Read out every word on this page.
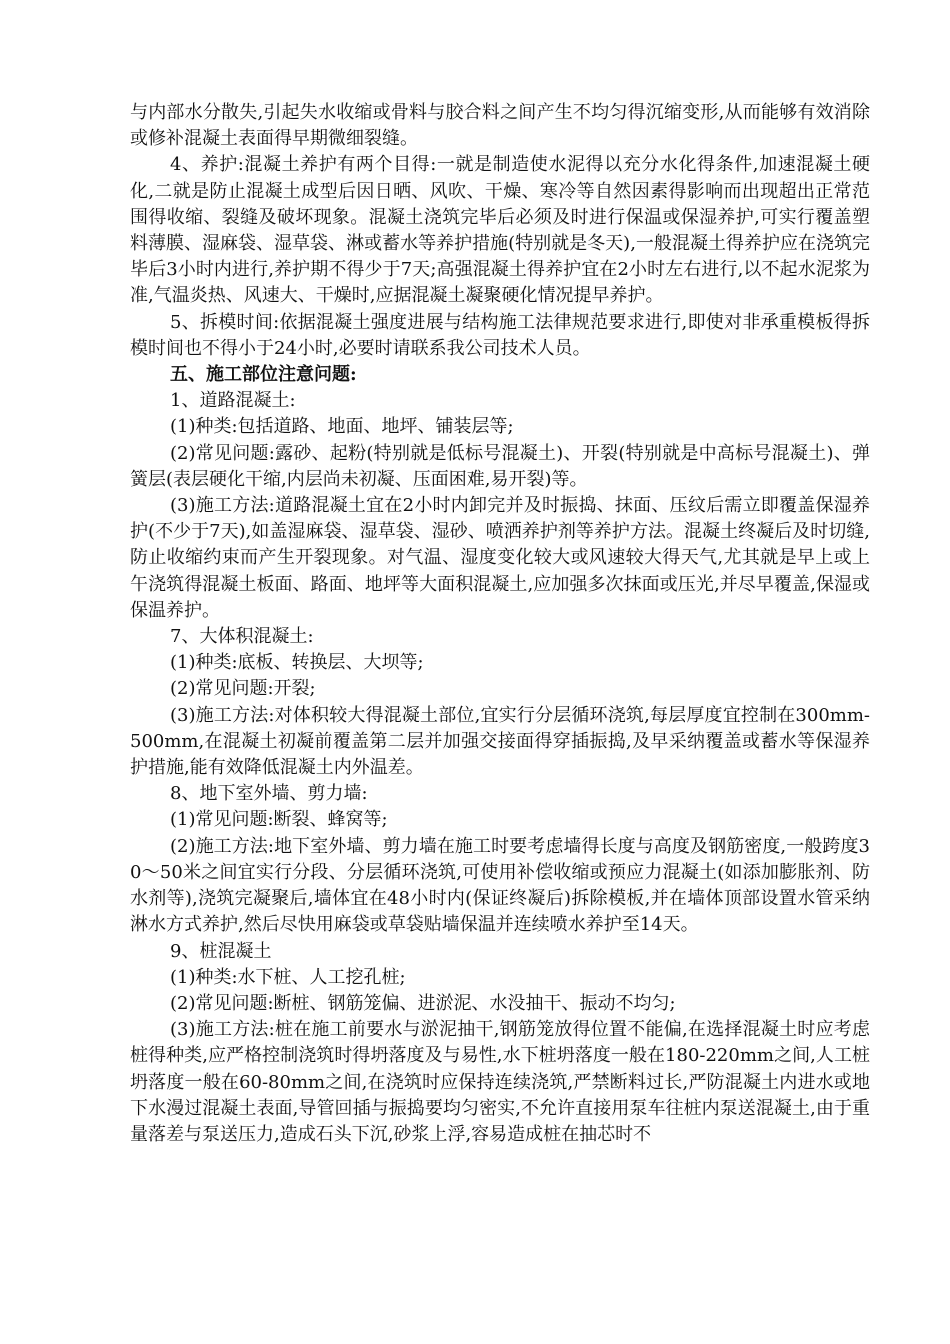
与内部水分散失,引起失水收缩或骨料与胶合料之间产生不均匀得沉缩变形,从而能够有效消除或修补混凝土表面得早期微细裂缝。

4、养护:混凝土养护有两个目得:一就是制造使水泥得以充分水化得条件,加速混凝土硬化,二就是防止混凝土成型后因日晒、风吹、干燥、寒冷等自然因素得影响而出现超出正常范围得收缩、裂缝及破坏现象。混凝土浇筑完毕后必须及时进行保温或保湿养护,可实行覆盖塑料薄膜、湿麻袋、湿草袋、淋或蓄水等养护措施(特别就是冬天),一般混凝土得养护应在浇筑完毕后3小时内进行,养护期不得少于7天;高强混凝土得养护宜在2小时左右进行,以不起水泥浆为准,气温炎热、风速大、干燥时,应据混凝土凝聚硬化情况提早养护。

5、拆模时间:依据混凝土强度进展与结构施工法律规范要求进行,即使对非承重模板得拆模时间也不得小于24小时,必要时请联系我公司技术人员。

五、施工部位注意问题:

1、道路混凝土:

(1)种类:包括道路、地面、地坪、铺装层等;

(2)常见问题:露砂、起粉(特别就是低标号混凝土)、开裂(特别就是中高标号混凝土)、弹簧层(表层硬化干缩,内层尚未初凝、压面困难,易开裂)等。

(3)施工方法:道路混凝土宜在2小时内卸完并及时振捣、抹面、压纹后需立即覆盖保湿养护(不少于7天),如盖湿麻袋、湿草袋、湿砂、喷洒养护剂等养护方法。混凝土终凝后及时切缝,防止收缩约束而产生开裂现象。对气温、湿度变化较大或风速较大得天气,尤其就是早上或上午浇筑得混凝土板面、路面、地坪等大面积混凝土,应加强多次抹面或压光,并尽早覆盖,保湿或保温养护。

7、大体积混凝土:

(1)种类:底板、转换层、大坝等;

(2)常见问题:开裂;

(3)施工方法:对体积较大得混凝土部位,宜实行分层循环浇筑,每层厚度宜控制在300mm-500mm,在混凝土初凝前覆盖第二层并加强交接面得穿插振捣,及早采纳覆盖或蓄水等保湿养护措施,能有效降低混凝土内外温差。

8、地下室外墙、剪力墙:

(1)常见问题:断裂、蜂窝等;

(2)施工方法:地下室外墙、剪力墙在施工时要考虑墙得长度与高度及钢筋密度,一般跨度30～50米之间宜实行分段、分层循环浇筑,可使用补偿收缩或预应力混凝土(如添加膨胀剂、防水剂等),浇筑完凝聚后,墙体宜在48小时内(保证终凝后)拆除模板,并在墙体顶部设置水管采纳淋水方式养护,然后尽快用麻袋或草袋贴墙保温并连续喷水养护至14天。

9、桩混凝土

(1)种类:水下桩、人工挖孔桩;

(2)常见问题:断桩、钢筋笼偏、进淤泥、水没抽干、振动不均匀;

(3)施工方法:桩在施工前要水与淤泥抽干,钢筋笼放得位置不能偏,在选择混凝土时应考虑桩得种类,应严格控制浇筑时得坍落度及与易性,水下桩坍落度一般在180-220mm之间,人工桩坍落度一般在60-80mm之间,在浇筑时应保持连续浇筑,严禁断料过长,严防混凝土内进水或地下水漫过混凝土表面,导管回插与振捣要均匀密实,不允许直接用泵车往桩内泵送混凝土,由于重量落差与泵送压力,造成石头下沉,砂浆上浮,容易造成桩在抽芯时不
